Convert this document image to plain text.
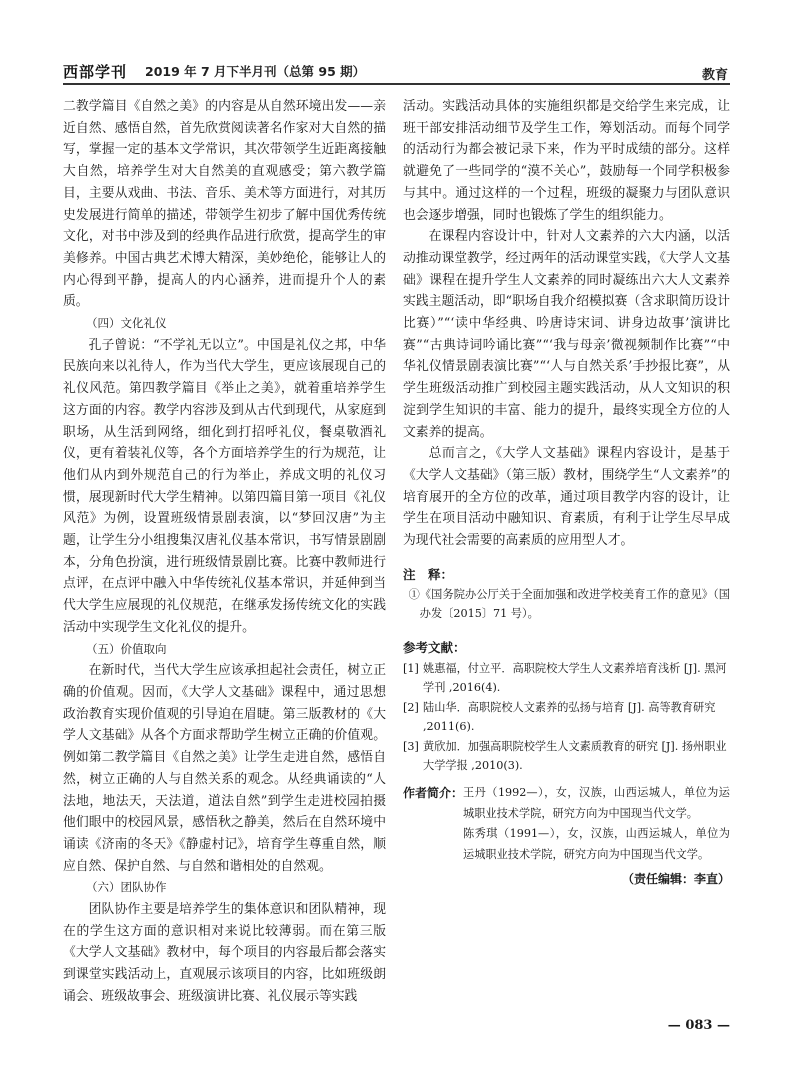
西部学刊 2019 年 7 月下半月刊（总第 95 期）	教育

二教学篇目《自然之美》的内容是从自然环境出发——亲近自然、感悟自然，首先欣赏阅读著名作家对大自然的描写，掌握一定的基本文学常识，其次带领学生近距离接触大自然，培养学生对大自然美的直观感受；第六教学篇目，主要从戏曲、书法、音乐、美术等方面进行，对其历史发展进行简单的描述，带领学生初步了解中国优秀传统文化，对书中涉及到的经典作品进行欣赏，提高学生的审美修养。中国古典艺术博大精深，美妙绝伦，能够让人的内心得到平静，提高人的内心涵养，进而提升个人的素质。

（四）文化礼仪

孔子曾说：“不学礼无以立”。中国是礼仪之邦，中华民族向来以礼待人，作为当代大学生，更应该展现自己的礼仪风范。第四教学篇目《举止之美》，就着重培养学生这方面的内容。教学内容涉及到从古代到现代，从家庭到职场，从生活到网络，细化到打招呼礼仪，餐桌敬酒礼仪，更有着装礼仪等，各个方面培养学生的行为规范，让他们从内到外规范自己的行为举止，养成文明的礼仪习惯，展现新时代大学生精神。以第四篇目第一项目《礼仪风范》为例，设置班级情景剧表演，以“梦回汉唐”为主题，让学生分小组搜集汉唐礼仪基本常识，书写情景剧剧本，分角色扮演，进行班级情景剧比赛。比赛中教师进行点评，在点评中融入中华传统礼仪基本常识，并延伸到当代大学生应展现的礼仪规范，在继承发扬传统文化的实践活动中实现学生文化礼仪的提升。

（五）价值取向

在新时代，当代大学生应该承担起社会责任，树立正确的价值观。因而，《大学人文基础》课程中，通过思想政治教育实现价值观的引导迫在眉睫。第三版教材的《大学人文基础》从各个方面求帮助学生树立正确的价值观。例如第二教学篇目《自然之美》让学生走进自然，感悟自然，树立正确的人与自然关系的观念。从经典诵读的“人法地，地法天，天法道，道法自然”到学生走进校园拍摄他们眼中的校园风景，感悟秋之静美，然后在自然环境中诵读《济南的冬天》《静虚村记》，培育学生尊重自然，顺应自然、保护自然、与自然和谐相处的自然观。

（六）团队协作

团队协作主要是培养学生的集体意识和团队精神，现在的学生这方面的意识相对来说比较薄弱。而在第三版《大学人文基础》教材中，每个项目的内容最后都会落实到课堂实践活动上，直观展示该项目的内容，比如班级朗诵会、班级故事会、班级演讲比赛、礼仪展示等实践

活动。实践活动具体的实施组织都是交给学生来完成，让班干部安排活动细节及学生工作，筹划活动。而每个同学的活动行为都会被记录下来，作为平时成绩的部分。这样就避免了一些同学的“漠不关心”，鼓励每一个同学积极参与其中。通过这样的一个过程，班级的凝聚力与团队意识也会逐步增强，同时也锻炼了学生的组织能力。

在课程内容设计中，针对人文素养的六大内涵，以活动推动课堂教学，经过两年的活动课堂实践，《大学人文基础》课程在提升学生人文素养的同时凝练出六大人文素养实践主题活动，即“职场自我介绍模拟赛（含求职简历设计比赛）”“‘读中华经典、吟唐诗宋词、讲身边故事’演讲比赛”“古典诗词吟诵比赛”“‘我与母亲’微视频制作比赛”“中华礼仪情景剧表演比赛”“‘人与自然关系’手抄报比赛”，从学生班级活动推广到校园主题实践活动，从人文知识的积淀到学生知识的丰富、能力的提升，最终实现全方位的人文素养的提高。

总而言之，《大学人文基础》课程内容设计，是基于《大学人文基础》（第三版）教材，围绕学生“人文素养”的培育展开的全方位的改革，通过项目教学内容的设计，让学生在项目活动中融知识、育素质，有利于让学生尽早成为现代社会需要的高素质的应用型人才。

注　释：
①《国务院办公厅关于全面加强和改进学校美育工作的意见》（国办发〔2015〕71 号）。
参考文献：
[1] 姚惠福，付立平．高职院校大学生人文素养培育浅析 [J]. 黑河学刊 ,2016(4).
[2] 陆山华．高职院校人文素养的弘扬与培育 [J]. 高等教育研究 ,2011(6).
[3] 黄欣加．加强高职院校学生人文素质教育的研究 [J]. 扬州职业大学学报 ,2010(3).
作者简介： 王丹（1992—），女，汉族，山西运城人，单位为运城职业技术学院，研究方向为中国现当代文学。
陈秀琪（1991—），女，汉族，山西运城人，单位为运城职业技术学院，研究方向为中国现当代文学。
（责任编辑：李直）
— 083 —
